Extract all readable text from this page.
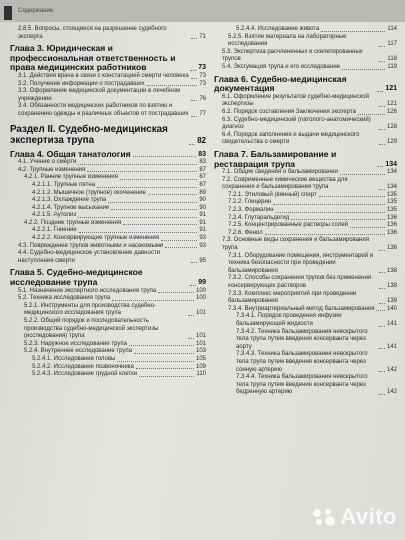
Содержание
2.8.5. Вопросы, стоящиеся на разрешение судебного эксперта	71
Глава 3. Юридическая и профессиональная ответственность и права медицинских работников	73
3.1. Действия врача в связи с констатацией смерти человека 73
3.2. Получение информации о пострадавших	73
3.3. Оформление медицинской документации в лечебном учреждении	76
3.4. Обязанности медицинских работников по взятию и сохранению одежды и различных объектов от пострадавших 77
Раздел II. Судебно-медицинская экспертиза трупа	82
Глава 4. Общая танатология	83
4.1. Учение о смерти	83
4.2. Трупные изменения	87
4.2.1. Ранние трупные изменения	87
4.2.1.1. Трупные пятна	87
4.2.1.2. Мышечное (трупное) окоченение	89
4.2.1.3. Охлаждение трупа	90
4.2.1.4. Трупное высыхание	90
4.2.1.5. Аутолиз	91
4.2.2. Поздние трупные изменения	91
4.2.2.1. Гниение	91
4.2.2.2. Консервирующие трупные изменения	93
4.3. Повреждение трупов животными и насекомыми	93
4.4. Судебно-медицинское установление давности наступления смерти	95
Глава 5. Судебно-медицинское исследование трупа	99
5.1. Назначение экспертного исследования трупа	100
5.2. Техника исследования трупа	100
5.2.1. Инструменты для производства судебно-медицинского исследования трупа	101
5.2.2. Общий порядок и последовательность производства судебно-медицинской экспертизы (исследования) трупа	101
5.2.3. Наружное исследование трупа	101
5.2.4. Внутреннее исследование трупа	103
5.2.4.1. Исследование головы	105
5.2.4.2. Исследование позвоночника	109
5.2.4.3. Исследование грудной клетки	110
5.2.4.4. Исследование живота	114
5.2.5. Взятие материала на лабораторные исследования	117
5.3. Экспертиза расчлененных и скелетированных трупов	118
5.4. Эксгумация трупа и его исследование	119
Глава 6. Судебно-медицинская документация	121
6.1. Оформление результатов судебно-медицинской экспертизы	121
6.2. Порядок составления Заключения эксперта	126
6.3. Судебно-медицинский (патолого-анатомический) диагноз	128
6.4. Порядок заполнения и выдачи медицинского свидетельства о смерти	129
Глава 7. Бальзамирование и реставрация трупа	134
7.1. Общие сведения о бальзамировании	134
7.2. Современные химические вещества для сохранения и бальзамирования трупа	134
7.2.1. Этиловый (винный) спирт	135
7.2.2. Глицерин	135
7.2.3. Формалин	135
7.2.4. Глутаральдегид	136
7.2.5. Концентрированные растворы солей	136
7.2.6. Фенол	136
7.3. Основные виды сохранения и бальзамирования трупа	136
7.3.1. Оборудование помещения, инструментарий и техника безопасности при проведении бальзамирования	138
7.3.2. Способы сохранения трупов без применения консервирующих растворов	138
7.3.3. Комплекс мероприятий при проведении бальзамирования	139
7.3.4. Внутриартериальный метод бальзамирования 140
7.3.4.1. Порядок проведения инфузии бальзамирующей жидкости	141
7.3.4.2. Техника бальзамирования невскрытого тела трупа путем введения консерванта через аорту	141
7.3.4.3. Техника бальзамирования невскрытого тела трупа путем введения консерванта через сонную артерию	142
7.3.4.4. Техника бальзамирования невскрытого тела трупа путем введения консерванта через бедренную артерию	142
Avito
